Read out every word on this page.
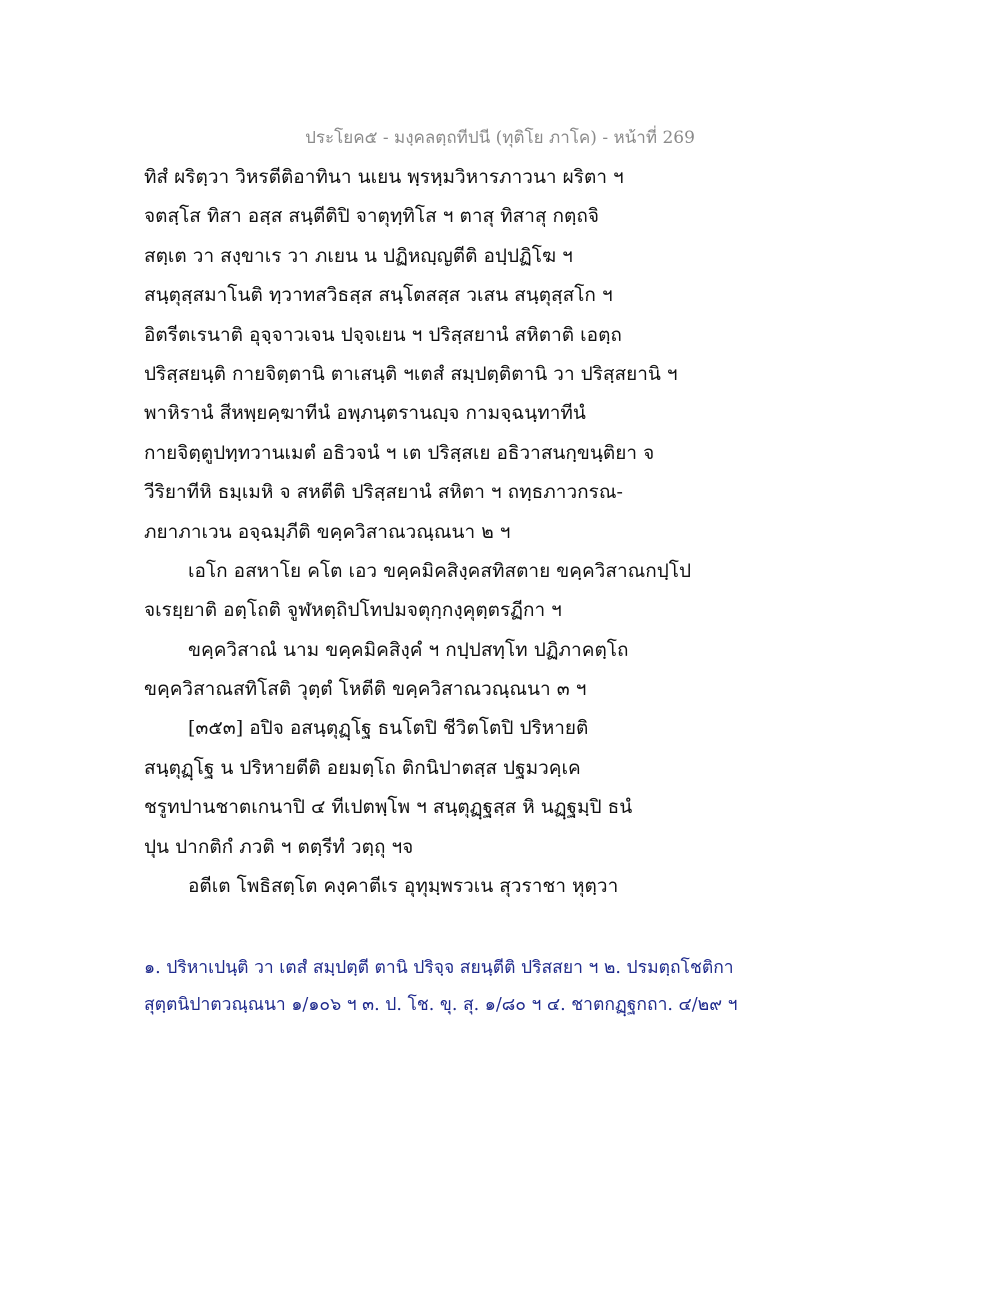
ประโยค๕ - มงฺคลตฺถทีปนี (ทุติโย ภาโค) - หน้าที่ 269
ทิสํ ผริตฺวา วิหรตีติอาทินา นเยน พฺรหฺมวิหารภาวนา ผริตา ฯ
จตสฺโส ทิสา อสฺส สนฺตีติปิ จาตุทฺทิโส ฯ ตาสุ ทิสาสุ กตฺถจิ
สตฺเต วา สงฺขาเร วา ภเยน น ปฏิหญฺญตีติ อปฺปฏิโฆ ฯ
สนฺตุสฺสมาโนติ ทฺวาทสวิธสฺส สนฺโตสสฺส วเสน สนฺตุสฺสโก ฯ
อิตรีตเรนาติ อุจฺจาวเจน ปจฺจเยน ฯ ปริสฺสยานํ สหิตาติ เอตฺถ
ปริสฺสยนฺติ กายจิตฺตานิ ตาเสนฺติ ฯเตสํ สมฺปตฺติตานิ วา ปริสฺสยานิ ฯ
พาหิรานํ สีหพฺยคฺฆาทีนํ อพฺภนฺตรานญฺจ กามจฺฉนฺทาทีนํ
กายจิตฺตูปทฺทวานเมตํ อธิวจนํ ฯ เต ปริสฺสเย อธิวาสนกฺขนฺติยา จ
วีริยาทีหิ ธมฺเมหิ จ สหตีติ ปริสฺสยานํ สหิตา ฯ ถทฺธภาวกรณ-
ภยาภาเวน อจฺฉมฺภีติ ขคฺควิสาณวณฺณนา ๒ ฯ
เอโก อสหาโย คโต เอว ขคฺคมิคสิงฺคสทิสตาย ขคฺควิสาณกปฺโป
จเรยฺยาติ อตฺโถติ จูฬหตฺถิปโทปมจตุกฺกงฺคุตฺตรฏีกา ฯ
ขคฺควิสาณํ นาม ขคฺคมิคสิงฺคํ ฯ กปฺปสทฺโท ปฏิภาคตฺโถ
ขคฺควิสาณสทิโสติ วุตฺตํ โหตีติ ขคฺควิสาณวณฺณนา ๓ ฯ
[๓๕๓] อปิจ อสนฺตุฏฺโฐ ธนโตปิ ชีวิตโตปิ ปริหายติ
สนฺตุฏฺโฐ น ปริหายตีติ อยมตฺโถ ติกนิปาตสฺส ปฐมวคฺเค
ชรูทปานชาตเกนาปิ ๔ ทีเปตพฺโพ ฯ สนฺตุฏฺฐสฺส หิ นฏฺฐมฺปิ ธนํ
ปุน ปากติกํ ภวติ ฯ ตตฺรีทํ วตฺถุ ฯจ
อตีเต โพธิสตฺโต คงฺคาตีเร อุทุมฺพรวเน สุวราชา หุตฺวา
๑. ปริหาเปนฺติ วา เตสํ สมฺปตฺตี ตานิ ปริจฺจ สยนฺตีติ ปริสสยา ฯ ๒. ปรมตฺถโชติกา
สุตฺตนิปาตวณฺณนา ๑/๑๐๖ ฯ ๓. ป. โช. ขุ. สุ. ๑/๘๐ ฯ ๔. ชาตกฏฺฐกถา. ๔/๒๙ ฯ
